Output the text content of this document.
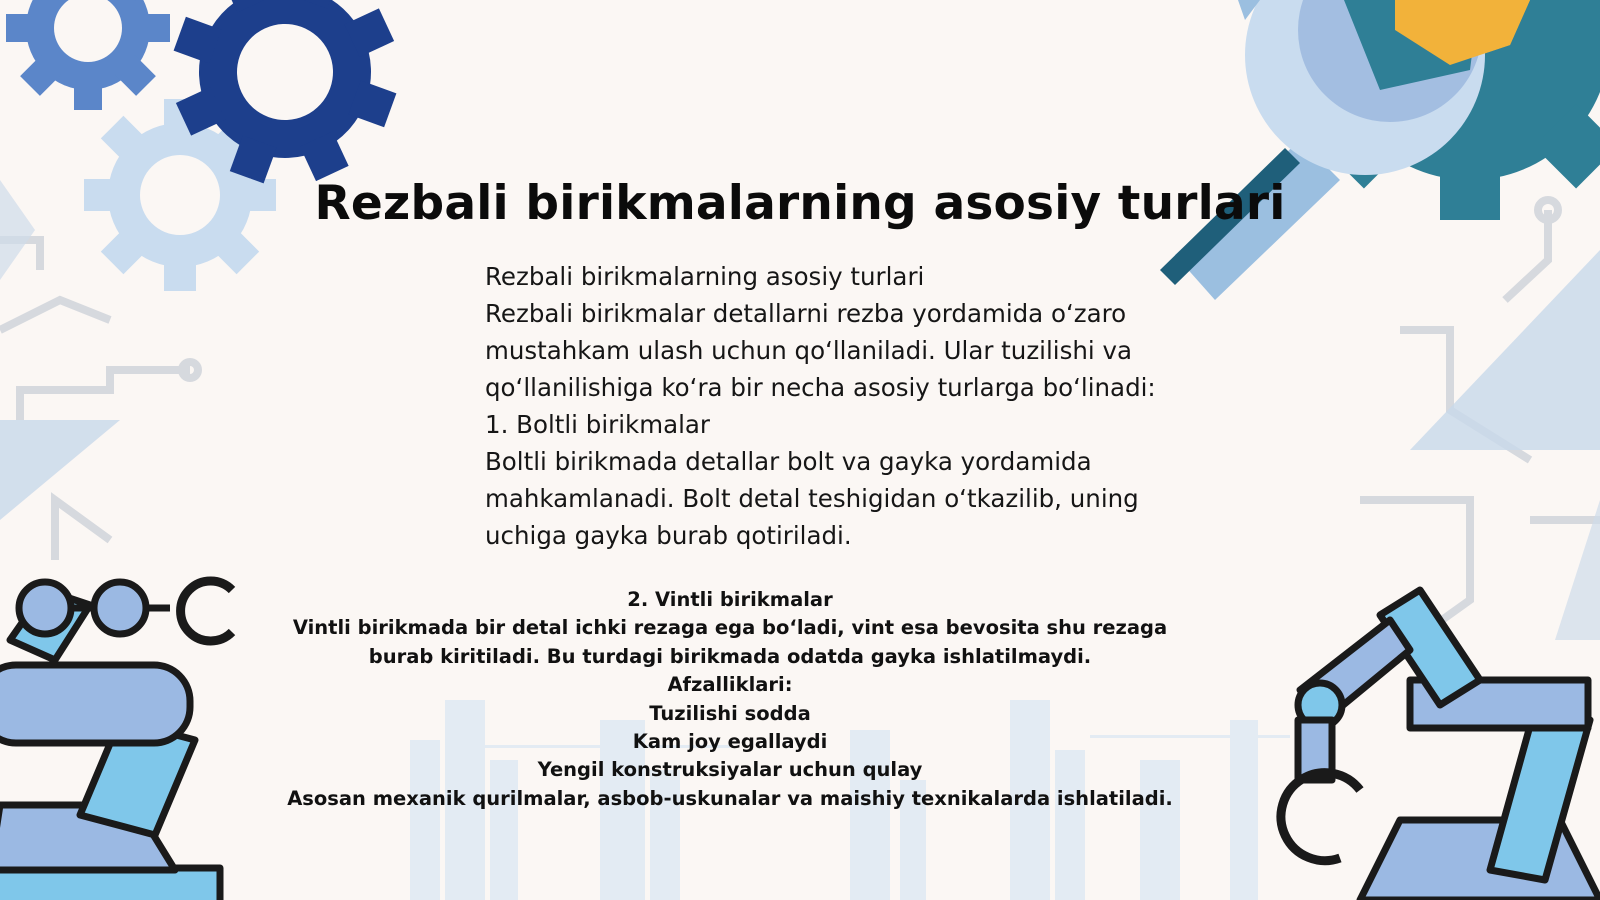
Rezbali birikmalarning asosiy turlari

Rezbali birikmalarning asosiy turlari

Rezbali birikmalar detallarni rezba yordamida o‘zaro mustahkam ulash uchun qo‘llaniladi. Ular tuzilishi va qo‘llanilishiga ko‘ra bir necha asosiy turlarga bo‘linadi:

1. Boltli birikmalar

Boltli birikmada detallar bolt va gayka yordamida mahkamlanadi. Bolt detal teshigidan o‘tkazilib, uning uchiga gayka burab qotiriladi.

2. Vintli birikmalar

Vintli birikmada bir detal ichki rezaga ega bo‘ladi, vint esa bevosita shu rezaga burab kiritiladi. Bu turdagi birikmada odatda gayka ishlatilmaydi.

Afzalliklari:

Tuzilishi sodda

Kam joy egallaydi

Yengil konstruksiyalar uchun qulay

Asosan mexanik qurilmalar, asbob-uskunalar va maishiy texnikalarda ishlatiladi.
